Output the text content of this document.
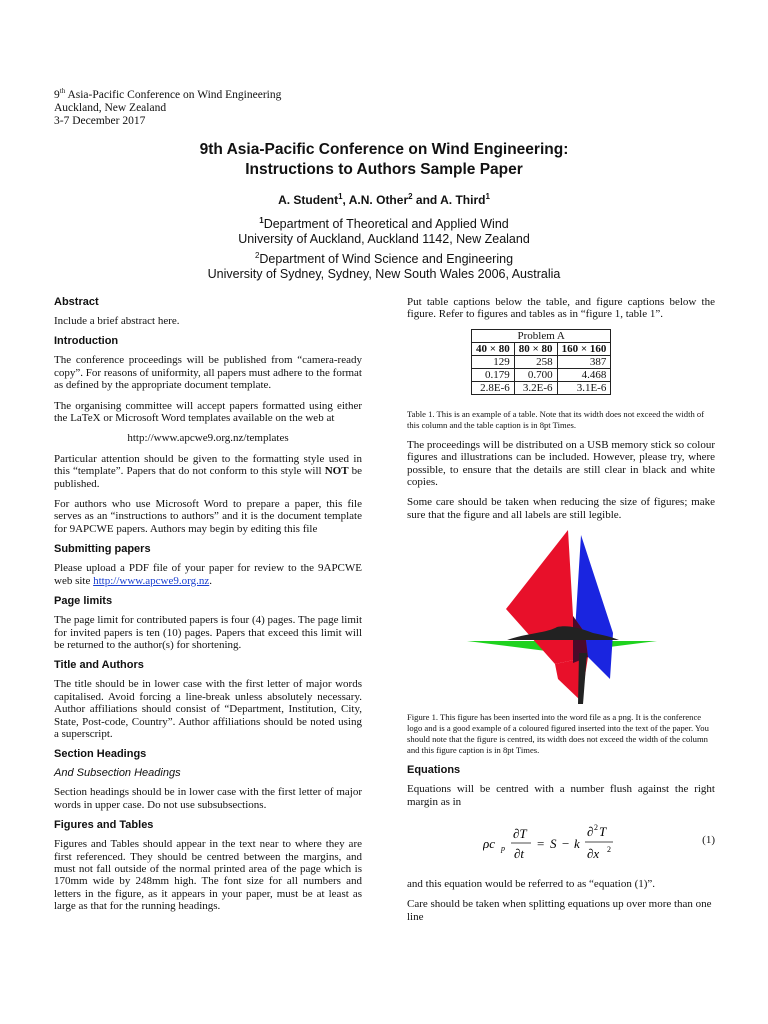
9th Asia-Pacific Conference on Wind Engineering
Auckland, New Zealand
3-7 December 2017
9th Asia-Pacific Conference on Wind Engineering:
Instructions to Authors Sample Paper
A. Student$^1$, A.N. Other$^2$ and A. Third$^1$
$^1$Department of Theoretical and Applied Wind
University of Auckland, Auckland 1142, New Zealand
$^2$Department of Wind Science and Engineering
University of Sydney, Sydney, New South Wales 2006, Australia
Abstract
Include a brief abstract here.
Introduction
The conference proceedings will be published from “camera-ready copy”. For reasons of uniformity, all papers must adhere to the format as defined by the appropriate document template.
The organising committee will accept papers formatted using either the LaTeX or Microsoft Word templates available on the web at
http://www.apcwe9.org.nz/templates
Particular attention should be given to the formatting style used in this “template”. Papers that do not conform to this style will NOT be published.
For authors who use Microsoft Word to prepare a paper, this file serves as an “instructions to authors” and it is the document template for 9APCWE papers. Authors may begin by editing this file
Submitting papers
Please upload a PDF file of your paper for review to the 9APCWE web site http://www.apcwe9.org.nz.
Page limits
The page limit for contributed papers is four (4) pages. The page limit for invited papers is ten (10) pages. Papers that exceed this limit will be returned to the author(s) for shortening.
Title and Authors
The title should be in lower case with the first letter of major words capitalised. Avoid forcing a line-break unless absolutely necessary. Author affiliations should consist of “Department, Institution, City, State, Post-code, Country”. Author affiliations should be noted using a superscript.
Section Headings
And Subsection Headings
Section headings should be in lower case with the first letter of major words in upper case. Do not use subsubsections.
Figures and Tables
Figures and Tables should appear in the text near to where they are first referenced. They should be centred between the margins, and must not fall outside of the normal printed area of the page which is 170mm wide by 248mm high. The font size for all numbers and letters in the figure, as it appears in your paper, must be at least as large as that for the running headings.
Put table captions below the table, and figure captions below the figure. Refer to figures and tables as in “figure 1, table 1”.
Problem A		
40 × 80	80 × 80	160 × 160
129	258	387
0.179	0.700	4.468
2.8E-6	3.2E-6	3.1E-6
Table 1. This is an example of a table. Note that its width does not exceed the width of this column and the table caption is in 8pt Times.
The proceedings will be distributed on a USB memory stick so colour figures and illustrations can be included. However, please try, where possible, to ensure that the details are still clear in black and white copies.
Some care should be taken when reducing the size of figures; make sure that the figure and all labels are still legible.
Figure 1. This figure has been inserted into the word file as a png. It is the conference logo and is a good example of a coloured figured inserted into the text of the paper. You should note that the figure is centred, its width does not exceed the width of the column and this figure caption is in 8pt Times.
Equations
Equations will be centred with a number flush against the right margin as in
ρc p
∂T
∂t
= S − k
∂ 2 T
∂x 2
(1)
and this equation would be referred to as “equation (1)”.
Care should be taken when splitting equations up over more than one line
